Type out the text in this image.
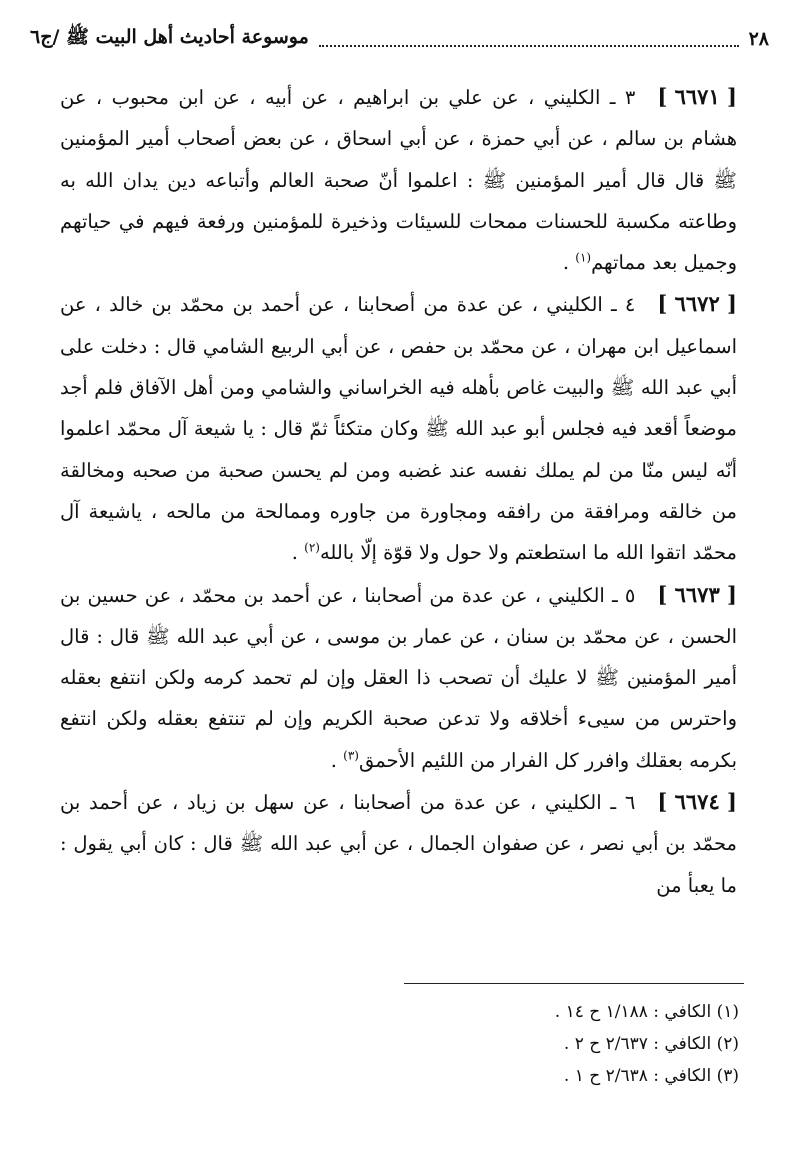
٢٨
موسوعة أحاديث أهل البيت ﷺ /ج٦

[ ٦٦٧١ ]٣ ـ الكليني ، عن علي بن ابراهيم ، عن أبيه ، عن ابن محبوب ، عن هشام بن سالم ، عن أبي حمزة ، عن أبي اسحاق ، عن بعض أصحاب أمير المؤمنين ﷺ قال قال أمير المؤمنين ﷺ : اعلموا أنّ صحبة العالم وأتباعه دين يدان الله به وطاعته مكسبة للحسنات ممحات للسيئات وذخيرة للمؤمنين ورفعة فيهم في حياتهم وجميل بعد مماتهم$^{(١)}$ .

[ ٦٦٧٢ ]٤ ـ الكليني ، عن عدة من أصحابنا ، عن أحمد بن محمّد بن خالد ، عن اسماعيل ابن مهران ، عن محمّد بن حفص ، عن أبي الربيع الشامي قال : دخلت على أبي عبد الله ﷺ والبيت غاص بأهله فيه الخراساني والشامي ومن أهل الآفاق فلم أجد موضعاً أقعد فيه فجلس أبو عبد الله ﷺ وكان متكئاً ثمّ قال : يا شيعة آل محمّد اعلموا أنّه ليس منّا من لم يملك نفسه عند غضبه ومن لم يحسن صحبة من صحبه ومخالقة من خالقه ومرافقة من رافقه ومجاورة من جاوره وممالحة من مالحه ، ياشيعة آل محمّد اتقوا الله ما استطعتم ولا حول ولا قوّة إلّا بالله$^{(٢)}$ .

[ ٦٦٧٣ ]٥ ـ الكليني ، عن عدة من أصحابنا ، عن أحمد بن محمّد ، عن حسين بن الحسن ، عن محمّد بن سنان ، عن عمار بن موسى ، عن أبي عبد الله ﷺ قال : قال أمير المؤمنين ﷺ لا عليك أن تصحب ذا العقل وإن لم تحمد كرمه ولكن انتفع بعقله واحترس من سيىء أخلاقه ولا تدعن صحبة الكريم وإن لم تنتفع بعقله ولكن انتفع بكرمه بعقلك وافرر كل الفرار من اللئيم الأحمق$^{(٣)}$ .

[ ٦٦٧٤ ]٦ ـ الكليني ، عن عدة من أصحابنا ، عن سهل بن زياد ، عن أحمد بن محمّد بن أبي نصر ، عن صفوان الجمال ، عن أبي عبد الله ﷺ قال : كان أبي يقول : ما يعبأ من

(١) الكافي : ١/١٨٨ ح ١٤ .

(٢) الكافي : ٢/٦٣٧ ح ٢ .

(٣) الكافي : ٢/٦٣٨ ح ١ .
